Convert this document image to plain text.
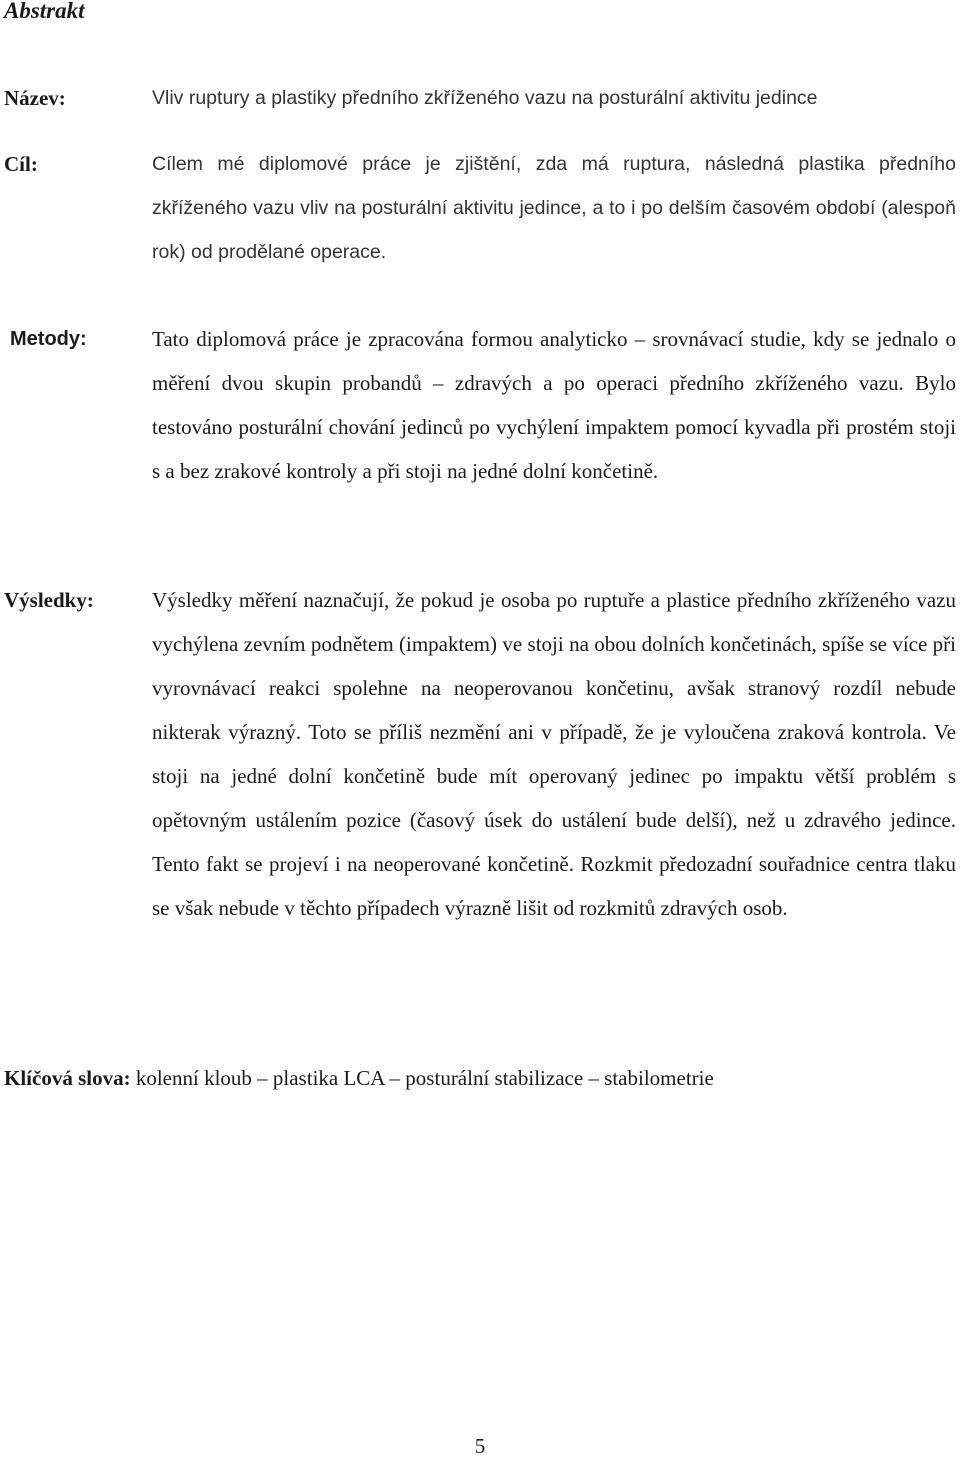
Abstrakt
Název:	Vliv ruptury a plastiky předního zkříženého vazu na posturální aktivitu jedince

Cíl:	Cílem mé diplomové práce je zjištění, zda má ruptura, následná plastika předního zkříženého vazu vliv na posturální aktivitu jedince, a to i po delším časovém období (alespoň rok) od prodělané operace.

Metody:	Tato diplomová práce je zpracována formou analyticko – srovnávací studie, kdy se jednalo o měření dvou skupin probandů – zdravých a po operaci předního zkříženého vazu. Bylo testováno posturální chování jedinců po vychýlení impaktem pomocí kyvadla při prostém stoji s a bez zrakové kontroly a při stoji na jedné dolní končetině.

Výsledky:	Výsledky měření naznačují, že pokud je osoba po ruptuře a plastice předního zkříženého vazu vychýlena zevním podnětem (impaktem) ve stoji na obou dolních končetinách, spíše se více při vyrovnávací reakci spolehne na neoperovanou končetinu, avšak stranový rozdíl nebude nikterak výrazný. Toto se příliš nezmění ani v případě, že je vyloučena zraková kontrola. Ve stoji na jedné dolní končetině bude mít operovaný jedinec po impaktu větší problém s opětovným ustálením pozice (časový úsek do ustálení bude delší), než u zdravého jedince. Tento fakt se projeví i na neoperované končetině. Rozkmit předozadní souřadnice centra tlaku se však nebude v těchto případech výrazně lišit od rozkmitů zdravých osob.

Klíčová slova: kolenní kloub – plastika LCA – posturální stabilizace – stabilometrie

5
